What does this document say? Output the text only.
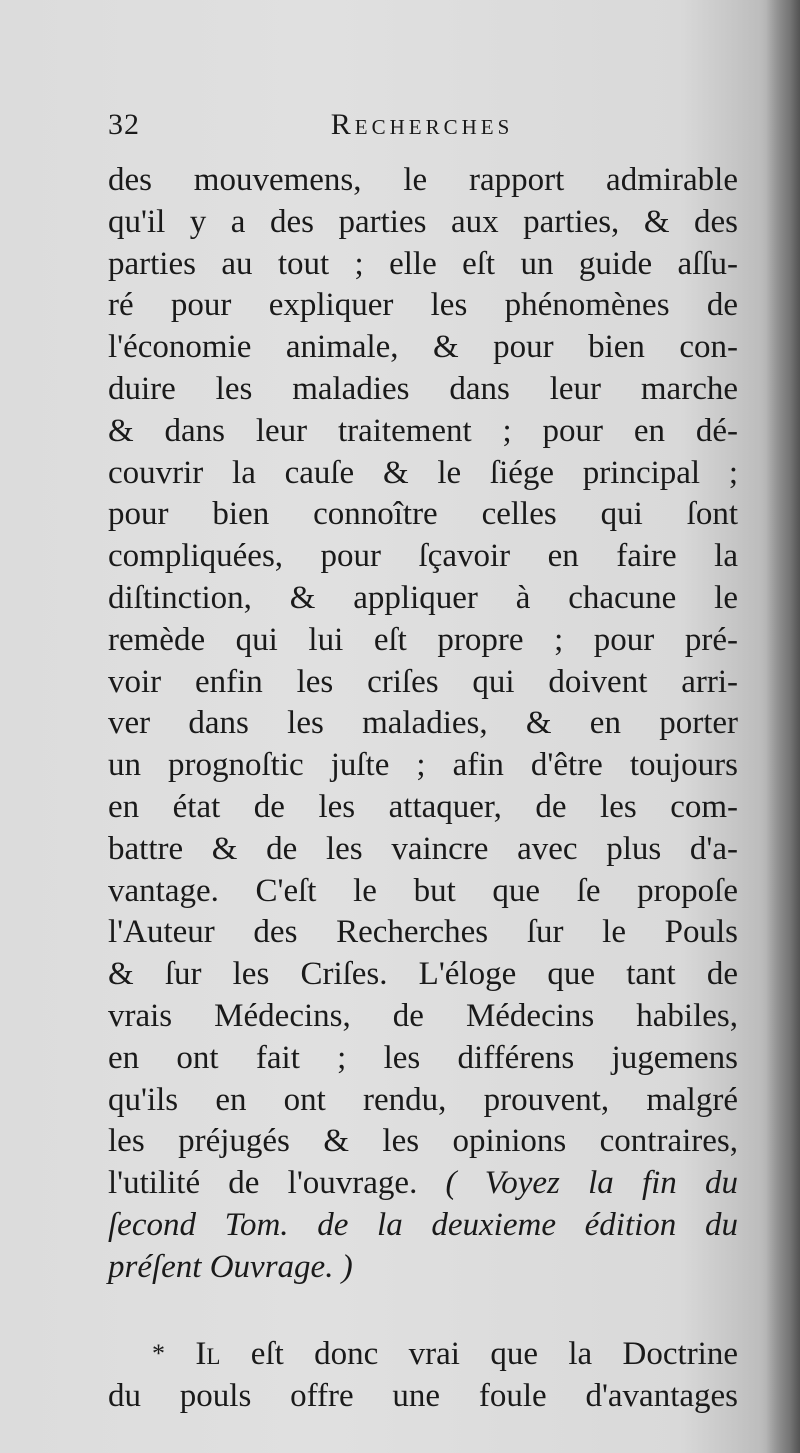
32	Recherches
des mouvemens, le rapport admirable
qu'il y a des parties aux parties, & des
parties au tout ; elle eſt un guide aſſu-
ré pour expliquer les phénomènes de
l'économie animale, & pour bien con-
duire les maladies dans leur marche
& dans leur traitement ; pour en dé-
couvrir la cauſe & le ſiége principal ;
pour bien connoître celles qui ſont
compliquées, pour ſçavoir en faire la
diſtinction, & appliquer à chacune le
remède qui lui eſt propre ; pour pré-
voir enfin les criſes qui doivent arri-
ver dans les maladies, & en porter
un prognoſtic juſte ; afin d'être toujours
en état de les attaquer, de les com-
battre & de les vaincre avec plus d'a-
vantage. C'eſt le but que ſe propoſe
l'Auteur des Recherches ſur le Pouls
& ſur les Criſes. L'éloge que tant de
vrais Médecins, de Médecins habiles,
en ont fait ; les différens jugemens
qu'ils en ont rendu, prouvent, malgré
les préjugés & les opinions contraires,
l'utilité de l'ouvrage. ( Voyez la fin du
ſecond Tom. de la deuxieme édition du
préſent Ouvrage. )
* Il eſt donc vrai que la Doctrine
du pouls offre une foule d'avantages
